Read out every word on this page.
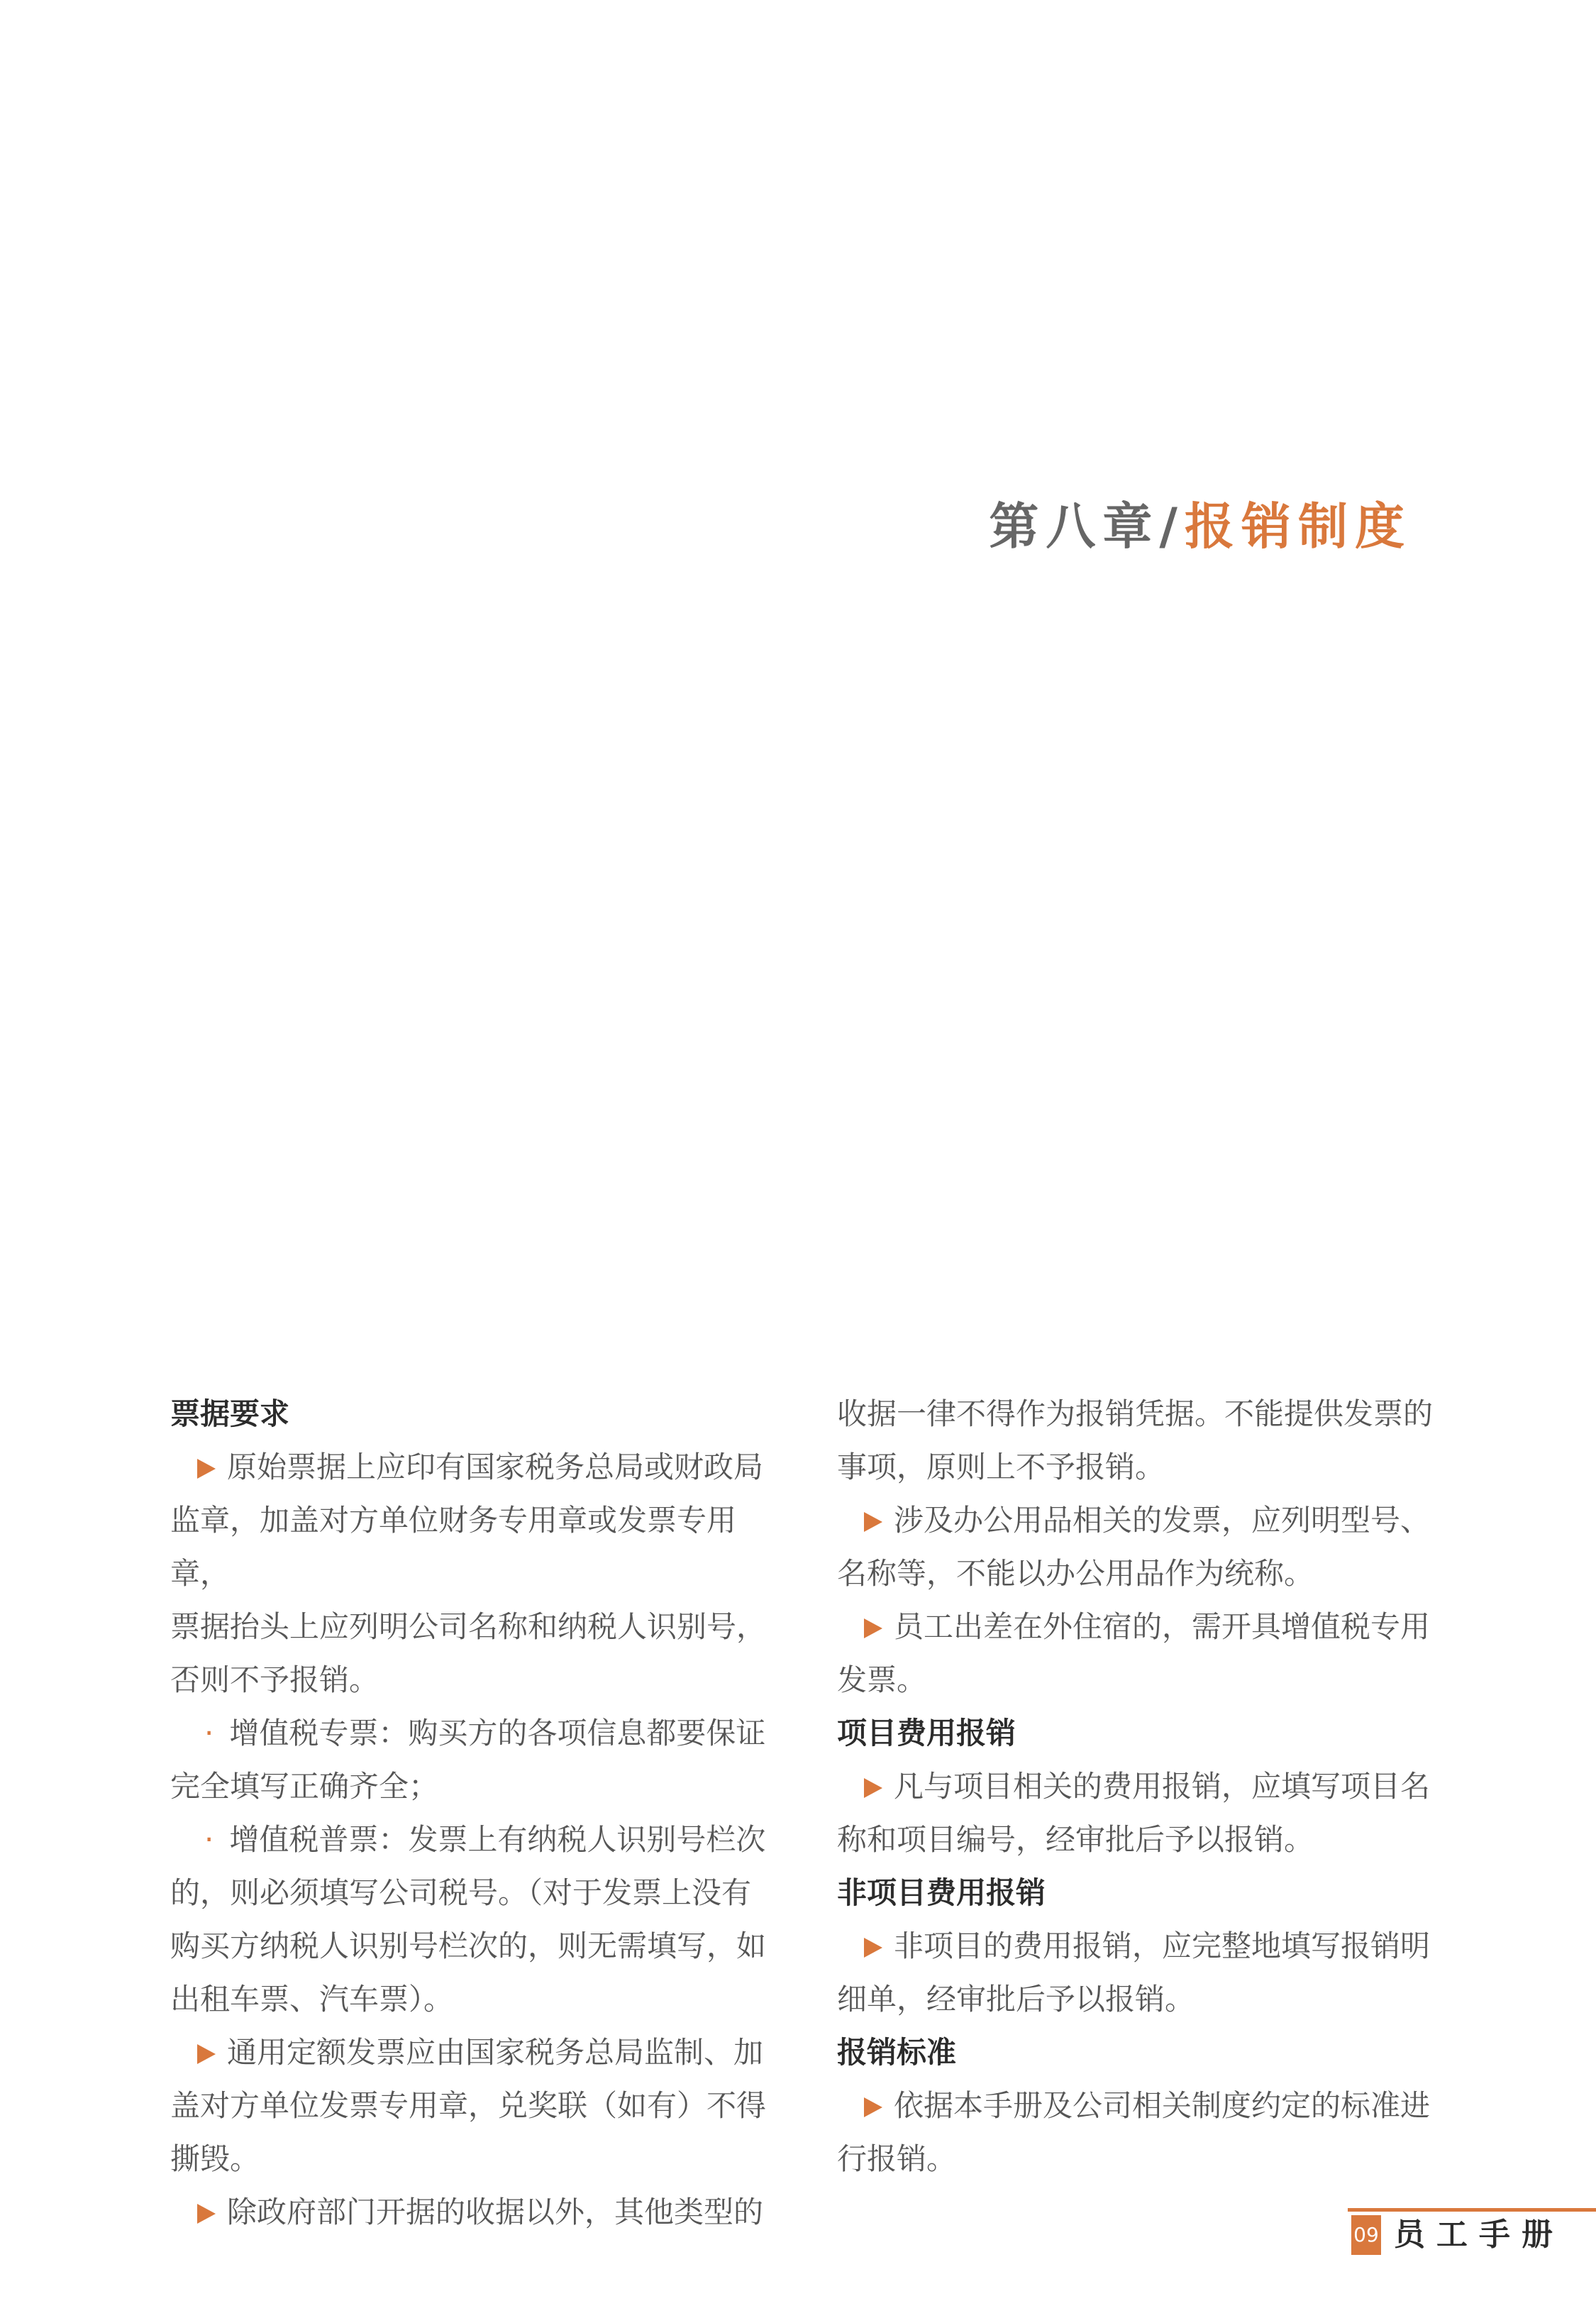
第八章/报销制度

票据要求

原始票据上应印有国家税务总局或财政局

监章，加盖对方单位财务专用章或发票专用章，

票据抬头上应列明公司名称和纳税人识别号，

否则不予报销。

· 增值税专票：购买方的各项信息都要保证

完全填写正确齐全；

· 增值税普票：发票上有纳税人识别号栏次

的，则必须填写公司税号。（对于发票上没有

购买方纳税人识别号栏次的，则无需填写，如

出租车票、汽车票）。

通用定额发票应由国家税务总局监制、加

盖对方单位发票专用章，兑奖联（如有）不得

撕毁。

除政府部门开据的收据以外，其他类型的

收据一律不得作为报销凭据。不能提供发票的

事项，原则上不予报销。

涉及办公用品相关的发票，应列明型号、

名称等，不能以办公用品作为统称。

员工出差在外住宿的，需开具增值税专用

发票。

项目费用报销

凡与项目相关的费用报销，应填写项目名

称和项目编号，经审批后予以报销。

非项目费用报销

非项目的费用报销，应完整地填写报销明

细单，经审批后予以报销。

报销标准

依据本手册及公司相关制度约定的标准进

行报销。

09 员工手册
